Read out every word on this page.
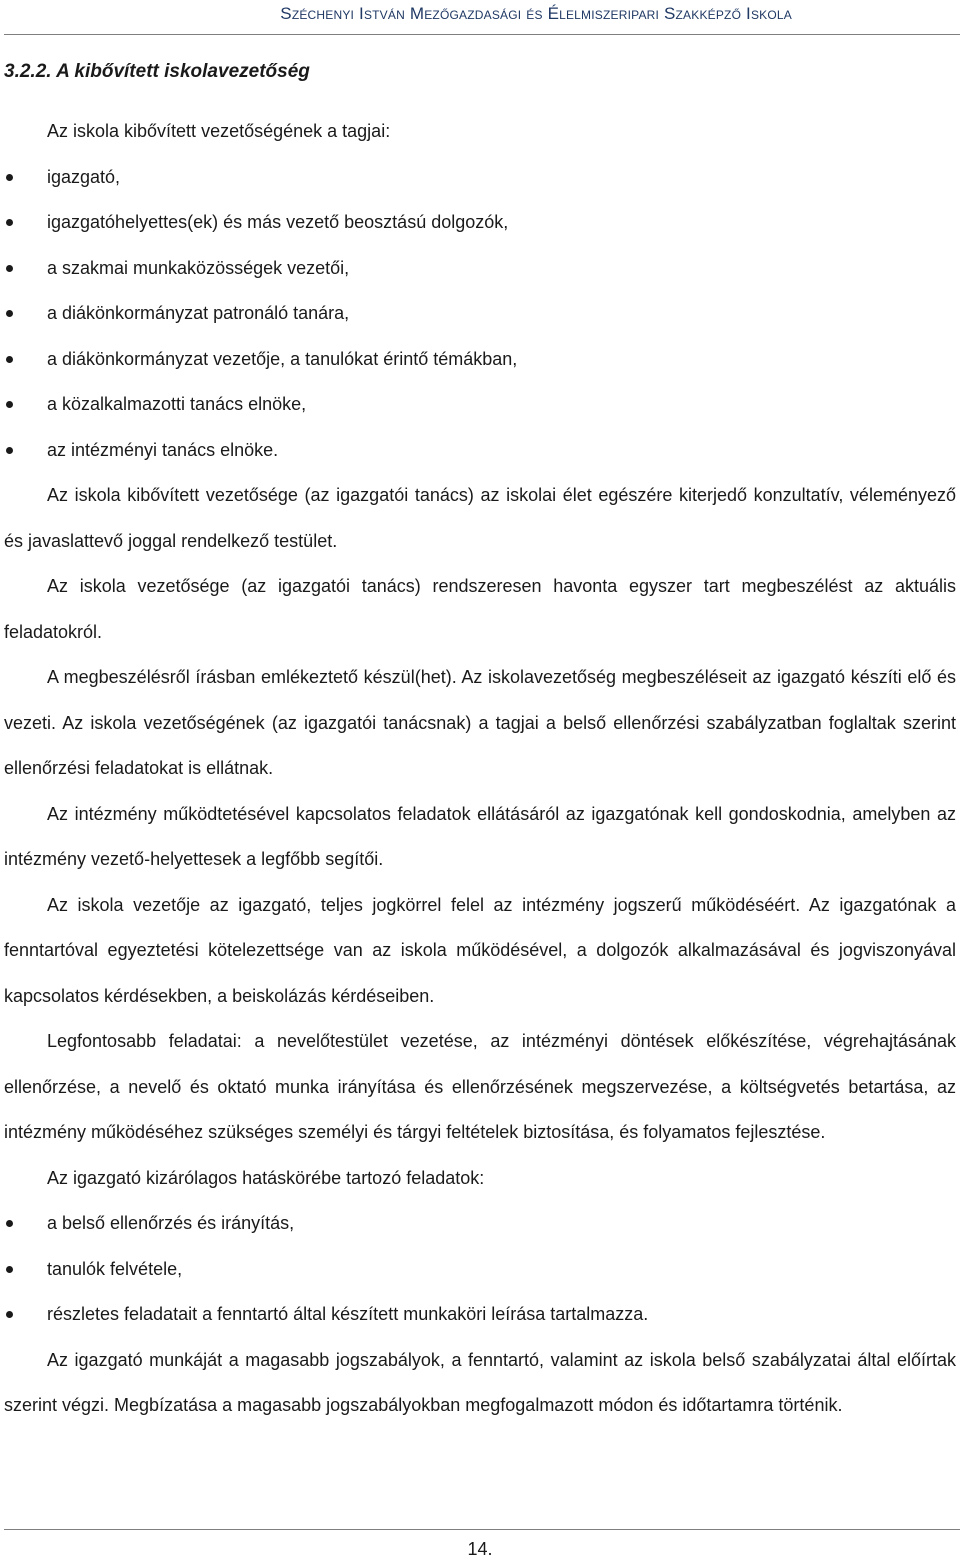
Széchenyi István Mezőgazdasági és Élelmiszeripari Szakképző Iskola
3.2.2. A kibővített iskolavezetőség

Az iskola kibővített vezetőségének a tagjai:

igazgató,
igazgatóhelyettes(ek) és más vezető beosztású dolgozók,
a szakmai munkaközösségek vezetői,
a diákönkormányzat patronáló tanára,
a diákönkormányzat vezetője, a tanulókat érintő témákban,
a közalkalmazotti tanács elnöke,
az intézményi tanács elnöke.

Az iskola kibővített vezetősége (az igazgatói tanács) az iskolai élet egészére kiterjedő konzultatív, véleményező és javaslattevő joggal rendelkező testület.

Az iskola vezetősége (az igazgatói tanács) rendszeresen havonta egyszer tart megbeszélést az aktuális feladatokról.

A megbeszélésről írásban emlékeztető készül(het). Az iskolavezetőség megbeszéléseit az igazgató készíti elő és vezeti. Az iskola vezetőségének (az igazgatói tanácsnak) a tagjai a belső ellenőrzési szabályzatban foglaltak szerint ellenőrzési feladatokat is ellátnak.

Az intézmény működtetésével kapcsolatos feladatok ellátásáról az igazgatónak kell gondoskodnia, amelyben az intézmény vezető-helyettesek a legfőbb segítői.

Az iskola vezetője az igazgató, teljes jogkörrel felel az intézmény jogszerű működéséért. Az igazgatónak a fenntartóval egyeztetési kötelezettsége van az iskola működésével, a dolgozók alkalmazásával és jogviszonyával kapcsolatos kérdésekben, a beiskolázás kérdéseiben.

Legfontosabb feladatai: a nevelőtestület vezetése, az intézményi döntések előkészítése, végrehajtásának ellenőrzése, a nevelő és oktató munka irányítása és ellenőrzésének megszervezése, a költségvetés betartása, az intézmény működéséhez szükséges személyi és tárgyi feltételek biztosítása, és folyamatos fejlesztése.

Az igazgató kizárólagos hatáskörébe tartozó feladatok:

a belső ellenőrzés és irányítás,
tanulók felvétele,
részletes feladatait a fenntartó által készített munkaköri leírása tartalmazza.

Az igazgató munkáját a magasabb jogszabályok, a fenntartó, valamint az iskola belső szabályzatai által előírtak szerint végzi. Megbízatása a magasabb jogszabályokban megfogalmazott módon és időtartamra történik.

14.
